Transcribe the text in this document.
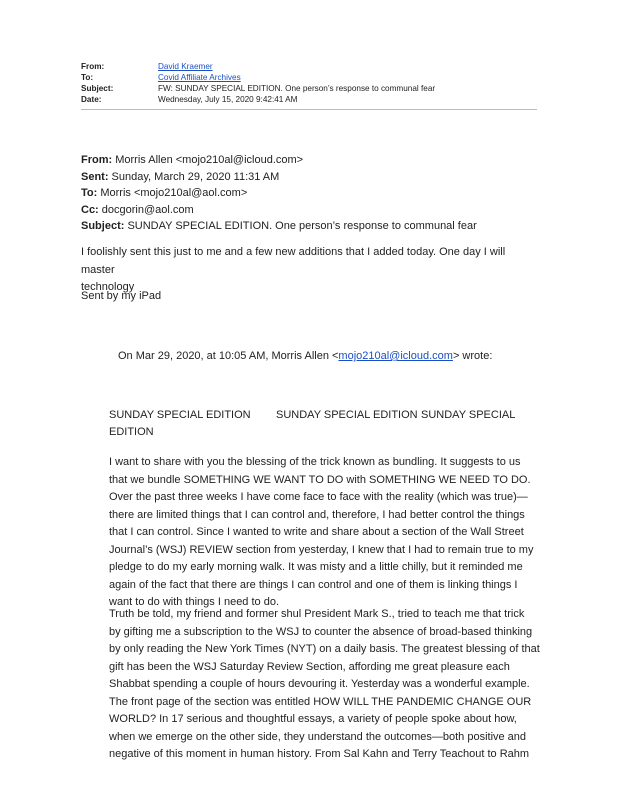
From:	David Kraemer
To:	Covid Affiliate Archives
Subject:	FW: SUNDAY SPECIAL EDITION. One person’s response to communal fear
Date:	Wednesday, July 15, 2020 9:42:41 AM
From: Morris Allen <mojo210al@icloud.com>
Sent: Sunday, March 29, 2020 11:31 AM
To: Morris <mojo210al@aol.com>
Cc: docgorin@aol.com
Subject: SUNDAY SPECIAL EDITION. One person’s response to communal fear
I foolishly sent this just to me and a few new additions that I added today. One day I will master
technology
Sent by my iPad
On Mar 29, 2020, at 10:05 AM, Morris Allen <mojo210al@icloud.com> wrote:
SUNDAY SPECIAL EDITION	SUNDAY SPECIAL EDITION SUNDAY SPECIAL
EDITION
I want to share with you the blessing of the trick known as bundling. It suggests to us
that we bundle SOMETHING WE WANT TO DO with SOMETHING WE NEED TO DO.
Over the past three weeks I have come face to face with the reality (which was true)—
there are limited things that I can control and, therefore, I had better control the things
that I can control. Since I wanted to write and share about a section of the Wall Street
Journal’s (WSJ) REVIEW section from yesterday, I knew that I had to remain true to my
pledge to do my early morning walk. It was misty and a little chilly, but it reminded me
again of the fact that there are things I can control and one of them is linking things I
want to do with things I need to do.
Truth be told, my friend and former shul President Mark S., tried to teach me that trick
by gifting me a subscription to the WSJ to counter the absence of broad-based thinking
by only reading the New York Times (NYT) on a daily basis. The greatest blessing of that
gift has been the WSJ Saturday Review Section, affording me great pleasure each
Shabbat spending a couple of hours devouring it. Yesterday was a wonderful example.
The front page of the section was entitled HOW WILL THE PANDEMIC CHANGE OUR
WORLD? In 17 serious and thoughtful essays, a variety of people spoke about how,
when we emerge on the other side, they understand the outcomes—both positive and
negative of this moment in human history. From Sal Kahn and Terry Teachout to Rahm
